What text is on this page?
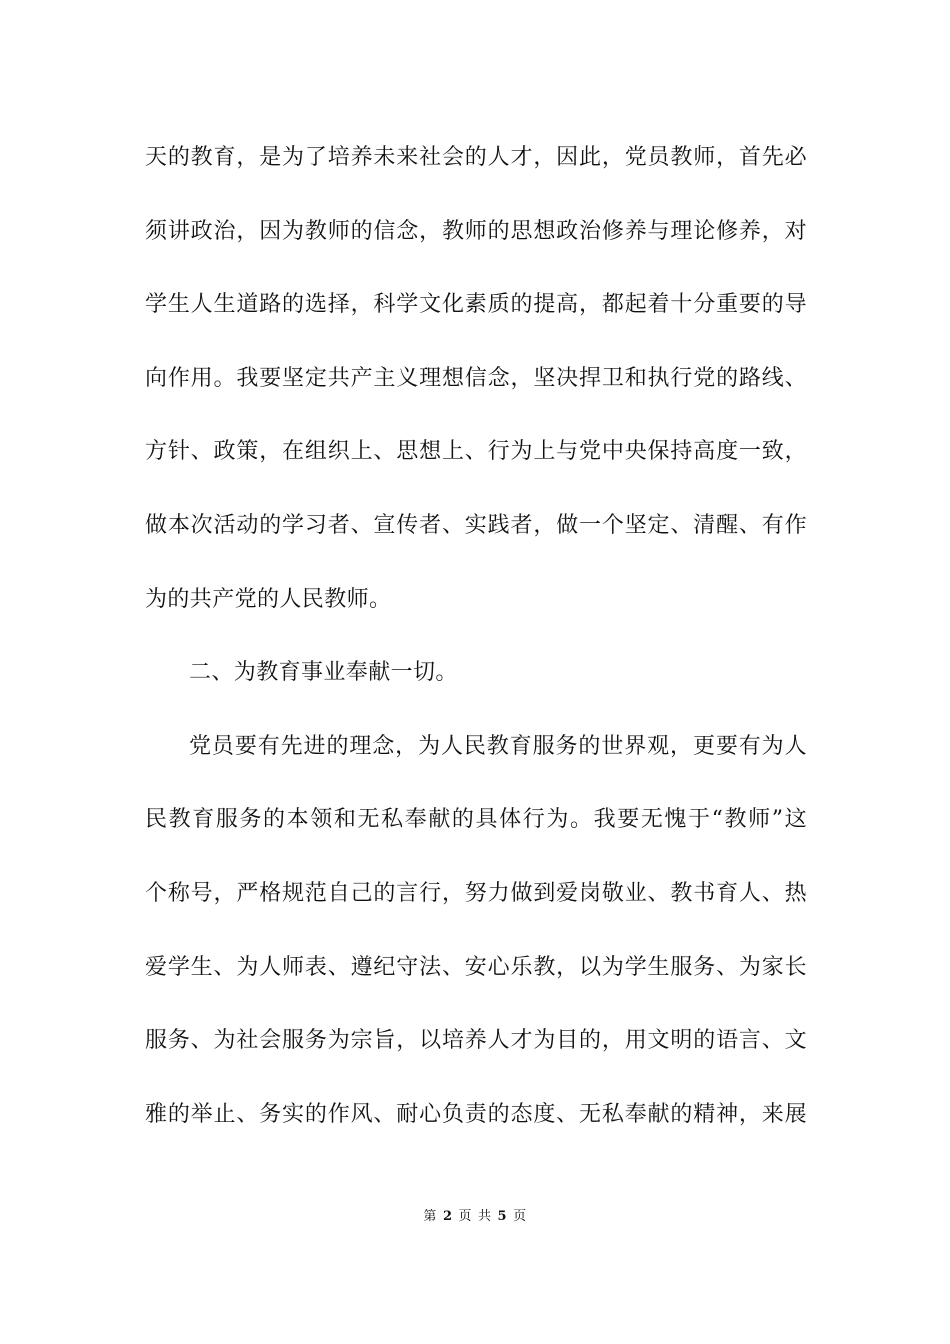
天的教育，是为了培养未来社会的人才，因此，党员教师，首先必
须讲政治，因为教师的信念，教师的思想政治修养与理论修养，对
学生人生道路的选择，科学文化素质的提高，都起着十分重要的导
向作用。我要坚定共产主义理想信念，坚决捍卫和执行党的路线、
方针、政策，在组织上、思想上、行为上与党中央保持高度一致，
做本次活动的学习者、宣传者、实践者，做一个坚定、清醒、有作
为的共产党的人民教师。
二、为教育事业奉献一切。
党员要有先进的理念，为人民教育服务的世界观，更要有为人
民教育服务的本领和无私奉献的具体行为。我要无愧于“教师”这
个称号，严格规范自己的言行，努力做到爱岗敬业、教书育人、热
爱学生、为人师表、遵纪守法、安心乐教，以为学生服务、为家长
服务、为社会服务为宗旨，以培养人才为目的，用文明的语言、文
雅的举止、务实的作风、耐心负责的态度、无私奉献的精神，来展
第 2 页 共 5 页
